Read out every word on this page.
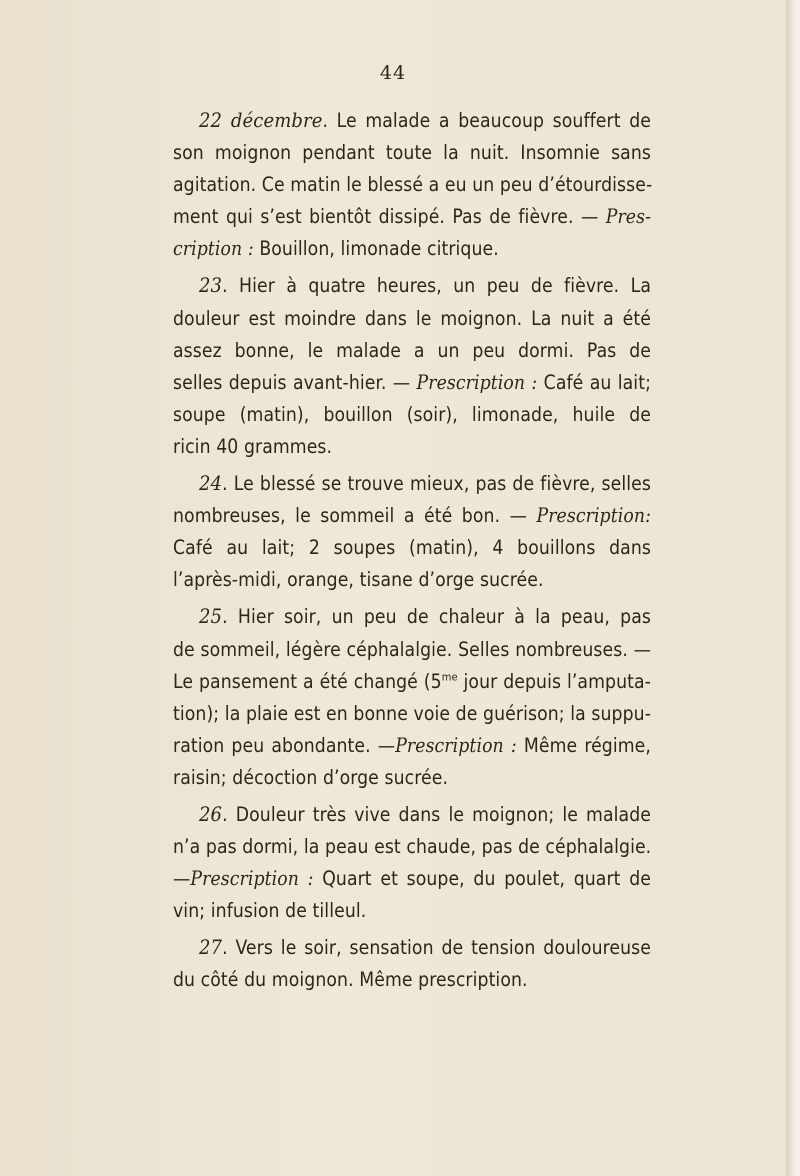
44
22 décembre. Le malade a beaucoup souffert de
son moignon pendant toute la nuit. Insomnie sans
agitation. Ce matin le blessé a eu un peu d’étourdisse-
ment qui s’est bientôt dissipé. Pas de fièvre. — Pres-
cription : Bouillon, limonade citrique.
23. Hier à quatre heures, un peu de fièvre. La
douleur est moindre dans le moignon. La nuit a été
assez bonne, le malade a un peu dormi. Pas de
selles depuis avant-hier. — Prescription : Café au lait;
soupe (matin), bouillon (soir), limonade, huile de
ricin 40 grammes.
24. Le blessé se trouve mieux, pas de fièvre, selles
nombreuses, le sommeil a été bon. — Prescription:
Café au lait; 2 soupes (matin), 4 bouillons dans
l’après-midi, orange, tisane d’orge sucrée.
25. Hier soir, un peu de chaleur à la peau, pas
de sommeil, légère céphalalgie. Selles nombreuses. —
Le pansement a été changé ($5^{me}$ jour depuis l’amputa-
tion); la plaie est en bonne voie de guérison; la suppu-
ration peu abondante. —Prescription : Même régime,
raisin; décoction d’orge sucrée.
26. Douleur très vive dans le moignon; le malade
n’a pas dormi, la peau est chaude, pas de céphalalgie.
—Prescription : Quart et soupe, du poulet, quart de
vin; infusion de tilleul.
27. Vers le soir, sensation de tension douloureuse
du côté du moignon. Même prescription.
